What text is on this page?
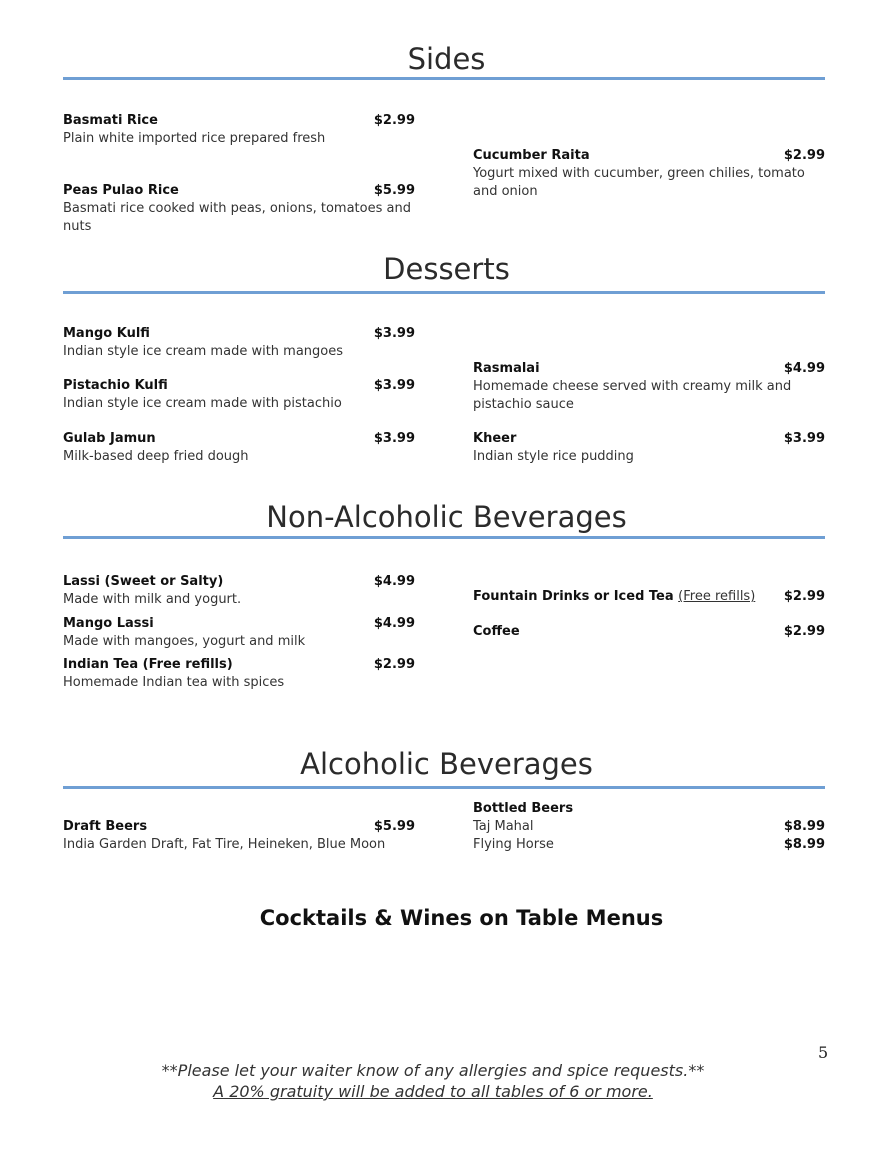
Sides
Basmati Rice	$2.99
Plain white imported rice prepared fresh
Peas Pulao Rice	$5.99
Basmati rice cooked with peas, onions, tomatoes and nuts
Cucumber Raita	$2.99
Yogurt mixed with cucumber, green chilies, tomato and onion
Desserts
Mango Kulfi	$3.99
Indian style ice cream made with mangoes
Pistachio Kulfi	$3.99
Indian style ice cream made with pistachio
Gulab Jamun	$3.99
Milk-based deep fried dough
Rasmalai	$4.99
Homemade cheese served with creamy milk and pistachio sauce
Kheer	$3.99
Indian style rice pudding
Non-Alcoholic Beverages
Lassi (Sweet or Salty)	$4.99
Made with milk and yogurt.
Mango Lassi	$4.99
Made with mangoes, yogurt and milk
Indian Tea (Free refills)	$2.99
Homemade Indian tea with spices
Fountain Drinks or Iced Tea (Free refills)	$2.99
Coffee	$2.99
Alcoholic Beverages
Draft Beers	$5.99
India Garden Draft, Fat Tire, Heineken, Blue Moon
Bottled Beers
Taj Mahal	$8.99
Flying Horse	$8.99
Cocktails & Wines on Table Menus
5
**Please let your waiter know of any allergies and spice requests.**
A 20% gratuity will be added to all tables of 6 or more.
